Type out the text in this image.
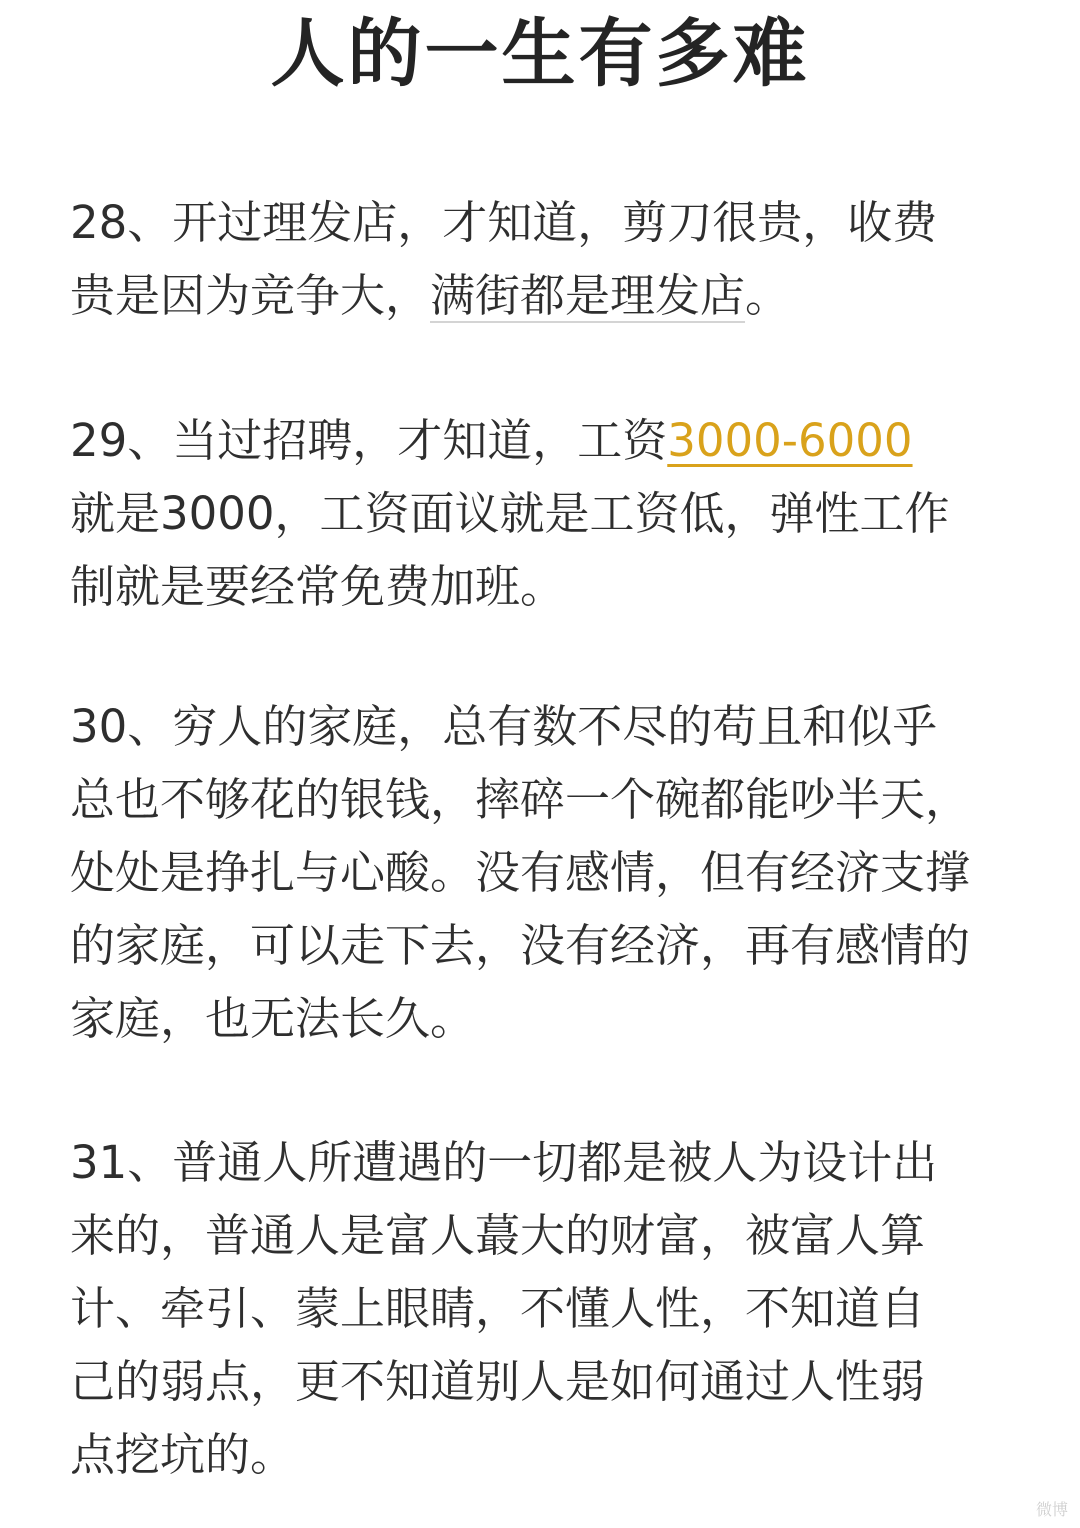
人的一生有多难
28、开过理发店，才知道，剪刀很贵，收费
贵是因为竞争大，满街都是理发店。
29、当过招聘，才知道，工资3000-6000
就是3000，工资面议就是工资低，弹性工作
制就是要经常免费加班。
30、穷人的家庭，总有数不尽的苟且和似乎
总也不够花的银钱，摔碎一个碗都能吵半天，
处处是挣扎与心酸。没有感情，但有经济支撑
的家庭，可以走下去，没有经济，再有感情的
家庭，也无法长久。
31、普通人所遭遇的一切都是被人为设计出
来的，普通人是富人蕞大的财富，被富人算
计、牵引、蒙上眼睛，不懂人性，不知道自
己的弱点，更不知道别人是如何通过人性弱
点挖坑的。
微博
